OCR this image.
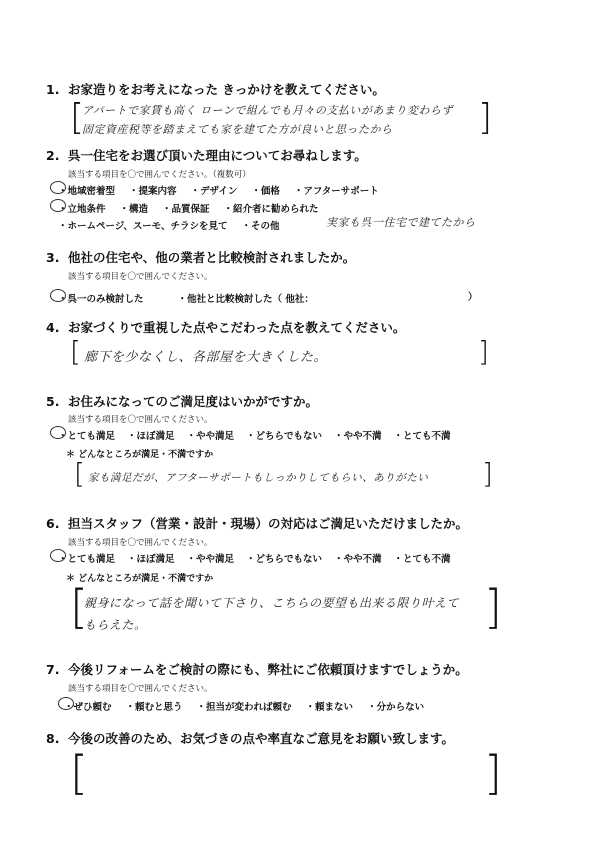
1. お家造りをお考えになった きっかけを教えてください。
[
アパートで家賃も高く ローンで組んでも月々の支払いがあまり変わらず
固定資産税等を踏まえても家を建てた方が良いと思ったから ]
2. 呉一住宅をお選び頂いた理由についてお尋ねします。
該当する項目を〇で囲んでください。（複数可）
・地域密着型 ・提案内容 ・デザイン ・価格 ・アフターサポート
・立地条件 ・構造 ・品質保証 ・紹介者に勧められた
・ホームページ、スーモ、チラシを見て ・その他	実家も呉一住宅で建てたから
3. 他社の住宅や、他の業者と比較検討されましたか。
該当する項目を〇で囲んでください。
・呉一のみ検討した	・他社と比較検討した（ 他社：	）
4. お家づくりで重視した点やこだわった点を教えてください。
[ 廊下を少なくし、各部屋を大きくした。	]
5. お住みになってのご満足度はいかがですか。
該当する項目を〇で囲んでください。
・とても満足 ・ほぼ満足 ・やや満足 ・どちらでもない ・やや不満 ・とても不満
＊ どんなところが満足・不満ですか
[ 家も満足だが、アフターサポートもしっかりしてもらい、ありがたい ]
6. 担当スタッフ（営業・設計・現場）の対応はご満足いただけましたか。
該当する項目を〇で囲んでください。
・とても満足 ・ほぼ満足 ・やや満足 ・どちらでもない ・やや不満 ・とても不満
＊ どんなところが満足・不満ですか
[
親身になって話を聞いて下さり、こちらの要望も出来る限り叶えて
もらえた。	]
7. 今後リフォームをご検討の際にも、弊社にご依頼頂けますでしょうか。
該当する項目を〇で囲んでください。
・ぜひ頼む ・頼むと思う ・担当が変われば頼む ・頼まない ・分からない
8. 今後の改善のため、お気づきの点や率直なご意見をお願い致します。
[	]
